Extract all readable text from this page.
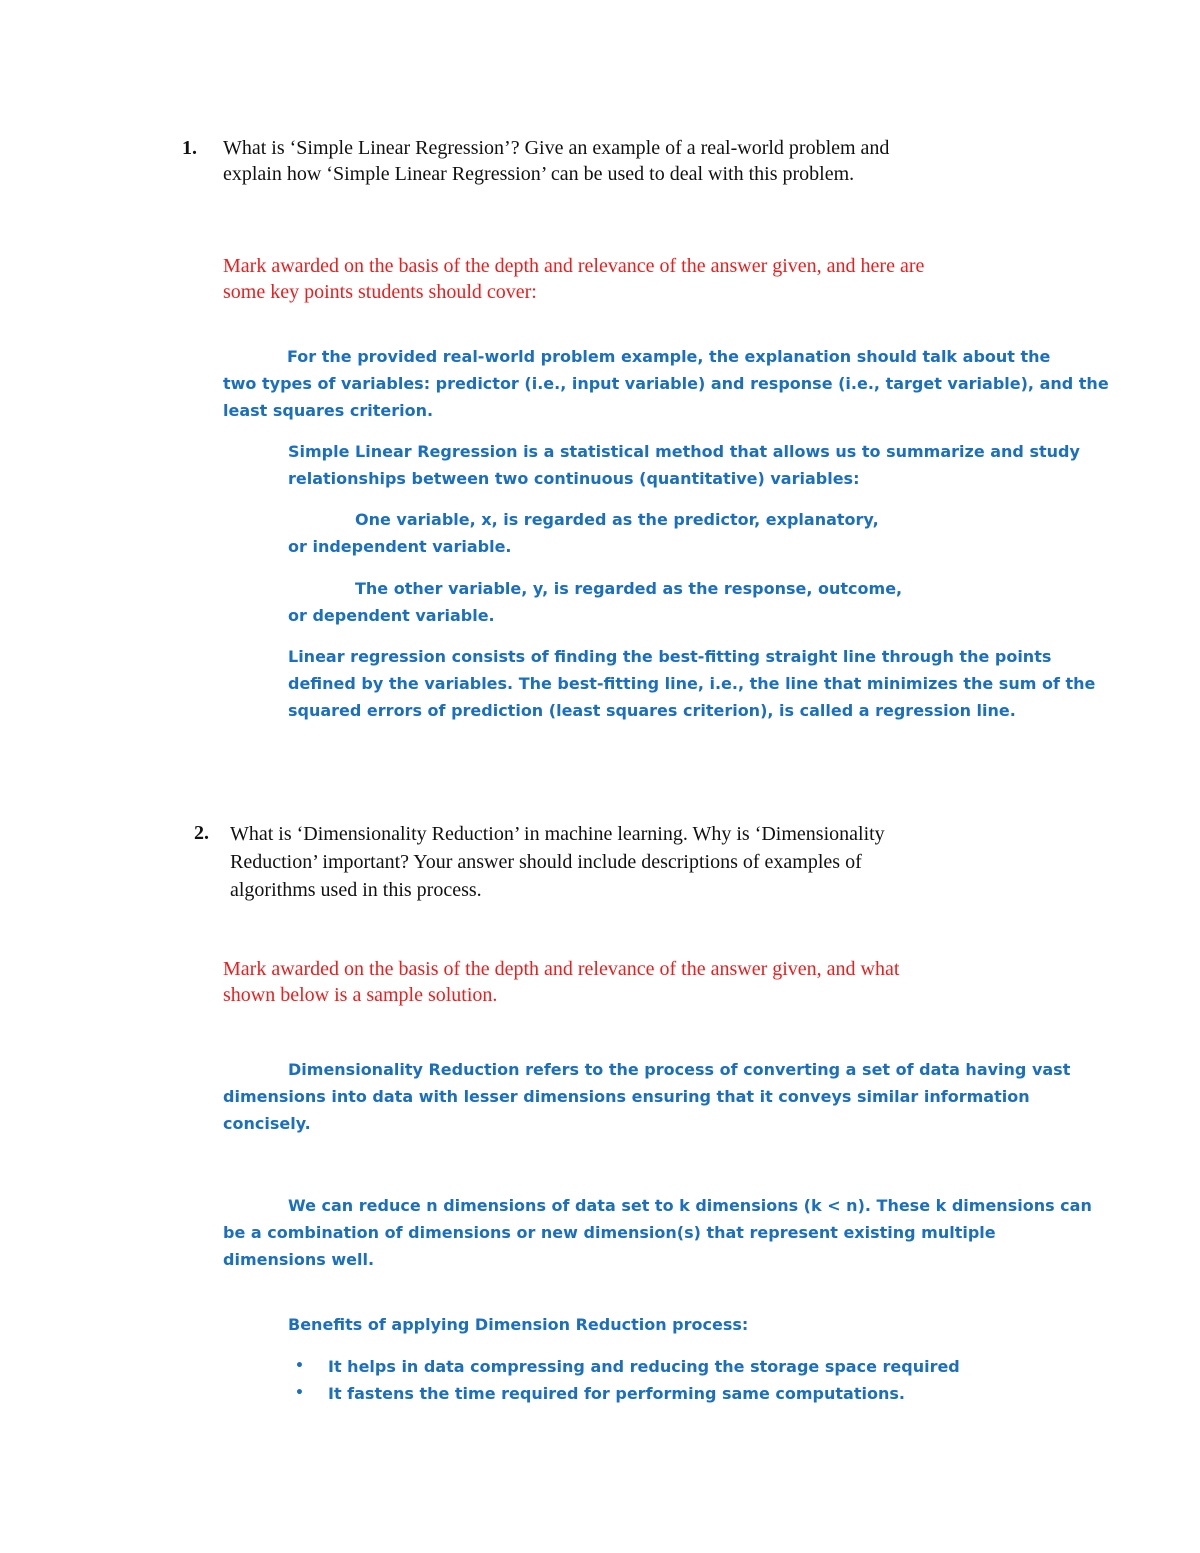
1. What is ‘Simple Linear Regression’? Give an example of a real-world problem and
explain how ‘Simple Linear Regression’ can be used to deal with this problem.
Mark awarded on the basis of the depth and relevance of the answer given, and here are
some key points students should cover:
For the provided real-world problem example, the explanation should talk about the
two types of variables: predictor (i.e., input variable) and response (i.e., target variable), and the
least squares criterion.
Simple Linear Regression is a statistical method that allows us to summarize and study
relationships between two continuous (quantitative) variables:
One variable, x, is regarded as the predictor, explanatory,
or independent variable.
The other variable, y, is regarded as the response, outcome,
or dependent variable.
Linear regression consists of finding the best-fitting straight line through the points
defined by the variables. The best-fitting line, i.e., the line that minimizes the sum of the
squared errors of prediction (least squares criterion), is called a regression line.
2. What is ‘Dimensionality Reduction’ in machine learning. Why is ‘Dimensionality
Reduction’ important? Your answer should include descriptions of examples of
algorithms used in this process.
Mark awarded on the basis of the depth and relevance of the answer given, and what
shown below is a sample solution.
Dimensionality Reduction refers to the process of converting a set of data having vast
dimensions into data with lesser dimensions ensuring that it conveys similar information
concisely.
We can reduce n dimensions of data set to k dimensions (k < n). These k dimensions can
be a combination of dimensions or new dimension(s) that represent existing multiple
dimensions well.
Benefits of applying Dimension Reduction process:
•	It helps in data compressing and reducing the storage space required
•	It fastens the time required for performing same computations.
